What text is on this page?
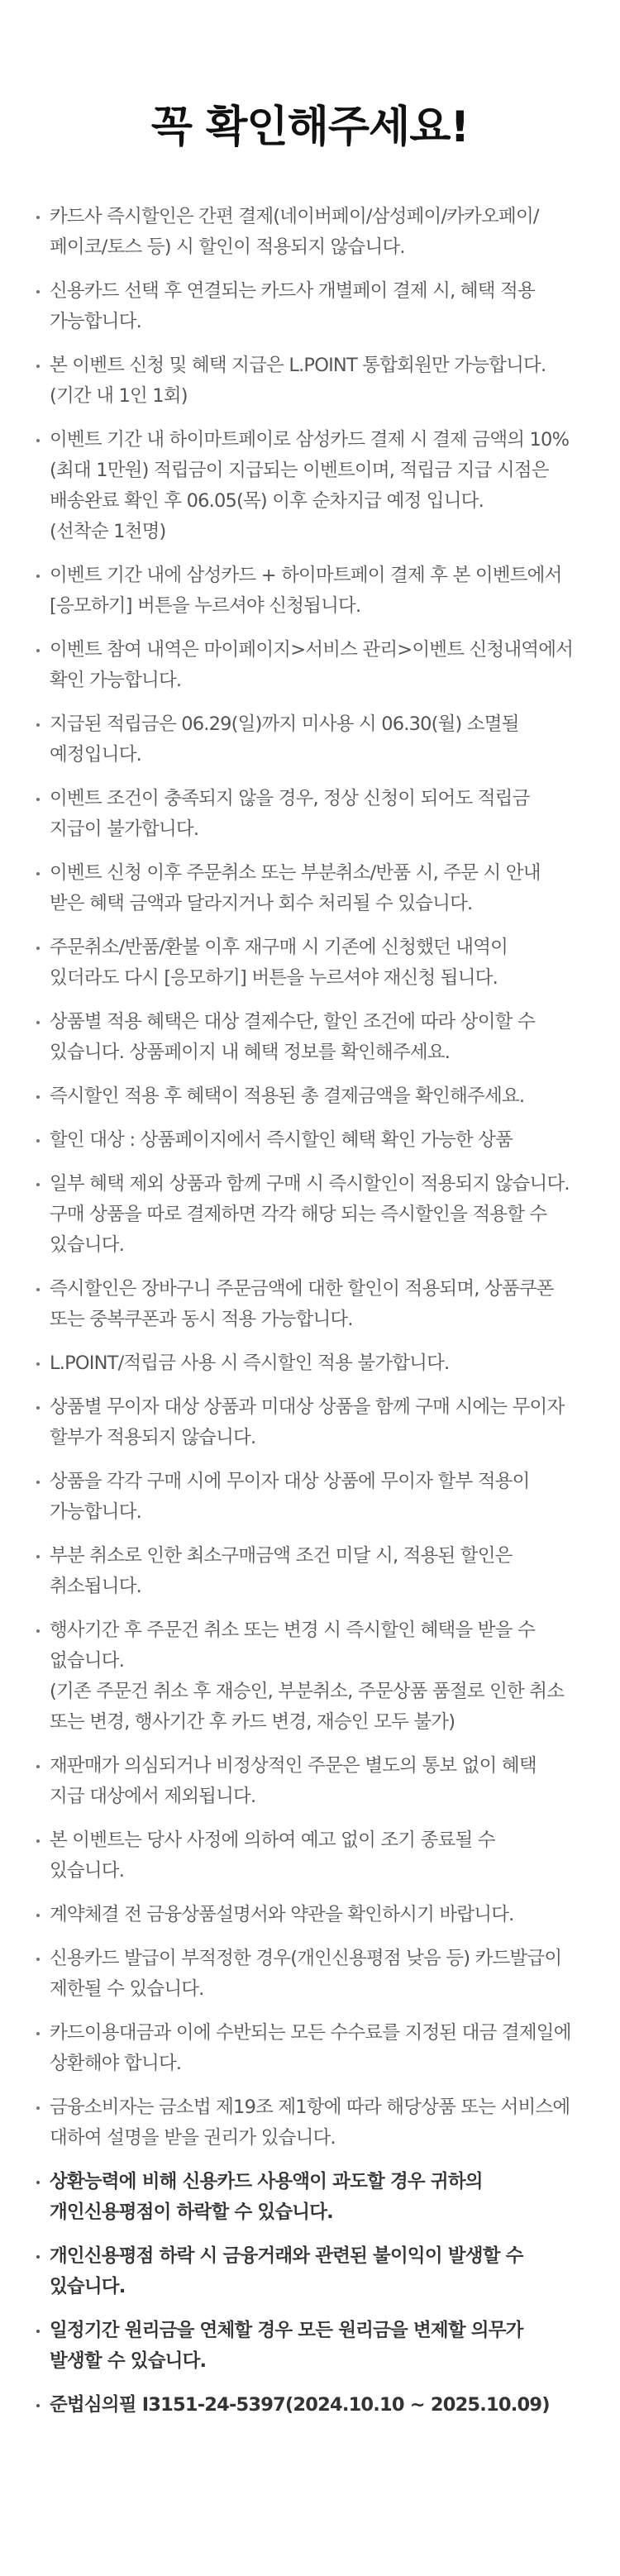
꼭 확인해주세요!
카드사 즉시할인은 간편 결제(네이버페이/삼성페이/카카오페이/페이코/토스 등) 시 할인이 적용되지 않습니다.
신용카드 선택 후 연결되는 카드사 개별페이 결제 시, 혜택 적용 가능합니다.
본 이벤트 신청 및 혜택 지급은 L.POINT 통합회원만 가능합니다.(기간 내 1인 1회)
이벤트 기간 내 하이마트페이로 삼성카드 결제 시 결제 금액의 10%(최대 1만원) 적립금이 지급되는 이벤트이며, 적립금 지급 시점은 배송완료 확인 후 06.05(목) 이후 순차지급 예정 입니다.
(선착순 1천명)
이벤트 기간 내에 삼성카드 + 하이마트페이 결제 후 본 이벤트에서 [응모하기] 버튼을 누르셔야 신청됩니다.
이벤트 참여 내역은 마이페이지>서비스 관리>이벤트 신청내역에서 확인 가능합니다.
지급된 적립금은 06.29(일)까지 미사용 시 06.30(월) 소멸될 예정입니다.
이벤트 조건이 충족되지 않을 경우, 정상 신청이 되어도 적립금 지급이 불가합니다.
이벤트 신청 이후 주문취소 또는 부분취소/반품 시, 주문 시 안내 받은 혜택 금액과 달라지거나 회수 처리될 수 있습니다.
주문취소/반품/환불 이후 재구매 시 기존에 신청했던 내역이 있더라도 다시 [응모하기] 버튼을 누르셔야 재신청 됩니다.
상품별 적용 혜택은 대상 결제수단, 할인 조건에 따라 상이할 수 있습니다. 상품페이지 내 혜택 정보를 확인해주세요.
즉시할인 적용 후 혜택이 적용된 총 결제금액을 확인해주세요.
할인 대상 : 상품페이지에서 즉시할인 혜택 확인 가능한 상품
일부 혜택 제외 상품과 함께 구매 시 즉시할인이 적용되지 않습니다. 구매 상품을 따로 결제하면 각각 해당 되는 즉시할인을 적용할 수 있습니다.
즉시할인은 장바구니 주문금액에 대한 할인이 적용되며, 상품쿠폰 또는 중복쿠폰과 동시 적용 가능합니다.
L.POINT/적립금 사용 시 즉시할인 적용 불가합니다.
상품별 무이자 대상 상품과 미대상 상품을 함께 구매 시에는 무이자 할부가 적용되지 않습니다.
상품을 각각 구매 시에 무이자 대상 상품에 무이자 할부 적용이 가능합니다.
부분 취소로 인한 최소구매금액 조건 미달 시, 적용된 할인은 취소됩니다.
행사기간 후 주문건 취소 또는 변경 시 즉시할인 혜택을 받을 수 없습니다.
(기존 주문건 취소 후 재승인, 부분취소, 주문상품 품절로 인한 취소 또는 변경, 행사기간 후 카드 변경, 재승인 모두 불가)
재판매가 의심되거나 비정상적인 주문은 별도의 통보 없이 혜택 지급 대상에서 제외됩니다.
본 이벤트는 당사 사정에 의하여 예고 없이 조기 종료될 수 있습니다.
계약체결 전 금융상품설명서와 약관을 확인하시기 바랍니다.
신용카드 발급이 부적정한 경우(개인신용평점 낮음 등) 카드발급이 제한될 수 있습니다.
카드이용대금과 이에 수반되는 모든 수수료를 지정된 대금 결제일에 상환해야 합니다.
금융소비자는 금소법 제19조 제1항에 따라 해당상품 또는 서비스에 대하여 설명을 받을 권리가 있습니다.
상환능력에 비해 신용카드 사용액이 과도할 경우 귀하의 개인신용평점이 하락할 수 있습니다.
개인신용평점 하락 시 금융거래와 관련된 불이익이 발생할 수 있습니다.
일정기간 원리금을 연체할 경우 모든 원리금을 변제할 의무가 발생할 수 있습니다.
준법심의필 I3151-24-5397(2024.10.10 ~ 2025.10.09)
